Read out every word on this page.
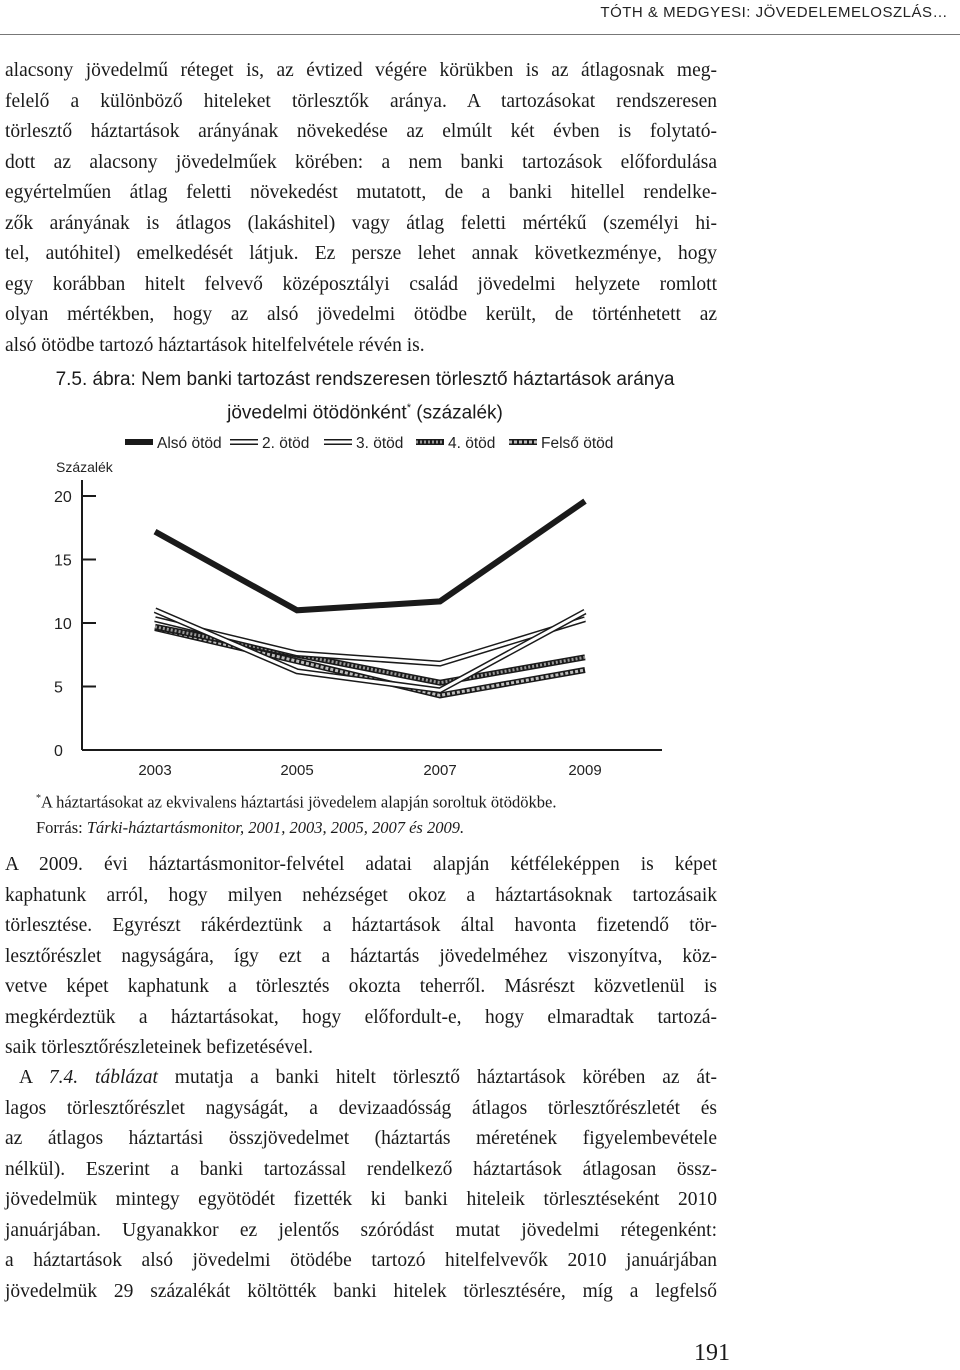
TÓTH & MEDGYESI: JÖVEDELEMELOSZLÁS…
alacsony jövedelmű réteget is, az évtized végére körükben is az átlagosnak meg-
felelő a különböző hiteleket törlesztők aránya. A tartozásokat rendszeresen
törlesztő háztartások arányának növekedése az elmúlt két évben is folytató-
dott az alacsony jövedelműek körében: a nem banki tartozások előfordulása
egyértelműen átlag feletti növekedést mutatott, de a banki hitellel rendelke-
zők arányának is átlagos (lakáshitel) vagy átlag feletti mértékű (személyi hi-
tel, autóhitel) emelkedését látjuk. Ez persze lehet annak következménye, hogy
egy korábban hitelt felvevő középosztályi család jövedelmi helyzete romlott
olyan mértékben, hogy az alsó jövedelmi ötödbe került, de történhetett az
alsó ötödbe tartozó háztartások hitelfelvétele révén is.
7.5. ábra: Nem banki tartozást rendszeresen törlesztő háztartások aránya
jövedelmi ötödönként* (százalék)
Százalék
0
5
10
15
20
2003	2005	2007	2009
Alsó ötöd	2. ötöd	3. ötöd	4. ötöd	Felső ötöd
*A háztartásokat az ekvivalens háztartási jövedelem alapján soroltuk ötödökbe.
Forrás: Tárki-háztartásmonitor, 2001, 2003, 2005, 2007 és 2009.
A 2009. évi háztartásmonitor-felvétel adatai alapján kétféleképpen is képet
kaphatunk arról, hogy milyen nehézséget okoz a háztartásoknak tartozásaik
törlesztése. Egyrészt rákérdeztünk a háztartások által havonta fizetendő tör-
lesztőrészlet nagyságára, így ezt a háztartás jövedelméhez viszonyítva, köz-
vetve képet kaphatunk a törlesztés okozta teherről. Másrészt közvetlenül is
megkérdeztük a háztartásokat, hogy előfordult-e, hogy elmaradtak tartozá-
saik törlesztőrészleteinek befizetésével.
A 7.4. táblázat mutatja a banki hitelt törlesztő háztartások körében az át-
lagos törlesztőrészlet nagyságát, a devizaadósság átlagos törlesztőrészletét és
az átlagos háztartási összjövedelmet (háztartás méretének figyelembevétele
nélkül). Eszerint a banki tartozással rendelkező háztartások átlagosan össz-
jövedelmük mintegy egyötödét fizették ki banki hiteleik törlesztéseként 2010
januárjában. Ugyanakkor ez jelentős szóródást mutat jövedelmi rétegenként:
a háztartások alsó jövedelmi ötödébe tartozó hitelfelvevők 2010 januárjában
jövedelmük 29 százalékát költötték banki hitelek törlesztésére, míg a legfelső
191
